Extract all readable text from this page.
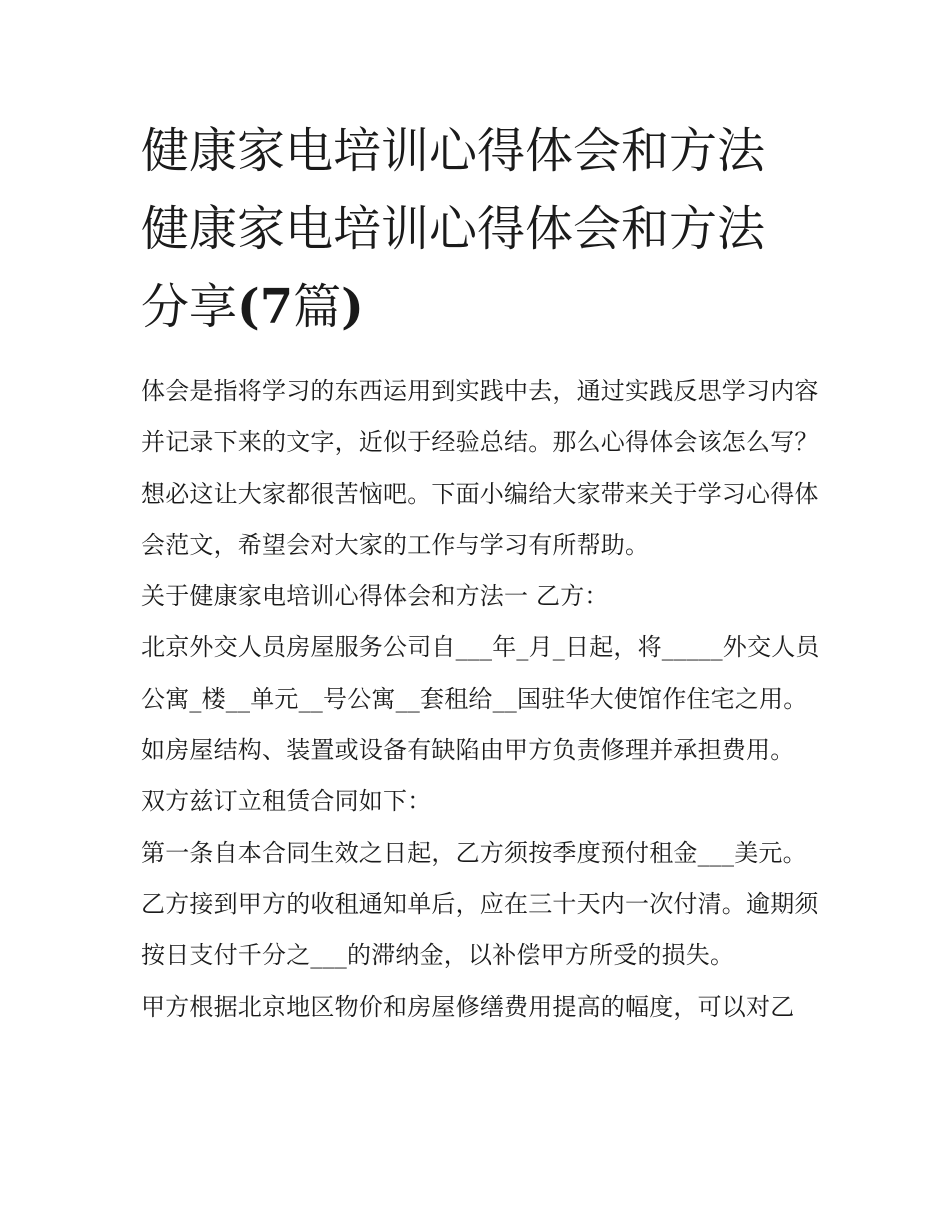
健康家电培训心得体会和方法
健康家电培训心得体会和方法
分享(7篇)

体会是指将学习的东西运用到实践中去，通过实践反思学习内容并记录下来的文字，近似于经验总结。那么心得体会该怎么写？想必这让大家都很苦恼吧。下面小编给大家带来关于学习心得体会范文，希望会对大家的工作与学习有所帮助。

关于健康家电培训心得体会和方法一 乙方：

北京外交人员房屋服务公司自___年_月_日起，将_____外交人员公寓_楼__单元__号公寓__套租给__国驻华大使馆作住宅之用。如房屋结构、装置或设备有缺陷由甲方负责修理并承担费用。

双方兹订立租赁合同如下：

第一条自本合同生效之日起，乙方须按季度预付租金___美元。乙方接到甲方的收租通知单后，应在三十天内一次付清。逾期须按日支付千分之___的滞纳金，以补偿甲方所受的损失。

甲方根据北京地区物价和房屋修缮费用提高的幅度，可以对乙
